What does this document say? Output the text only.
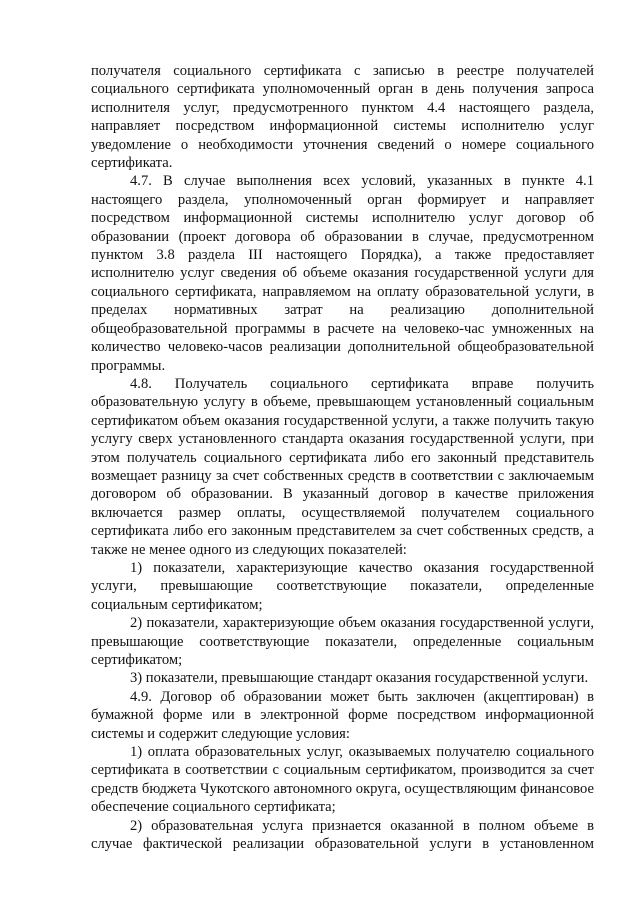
получателя социального сертификата с записью в реестре получателей социального сертификата уполномоченный орган в день получения запроса исполнителя услуг, предусмотренного пунктом 4.4 настоящего раздела, направляет посредством информационной системы исполнителю услуг уведомление о необходимости уточнения сведений о номере социального сертификата.

4.7. В случае выполнения всех условий, указанных в пункте 4.1 настоящего раздела, уполномоченный орган формирует и направляет посредством информационной системы исполнителю услуг договор об образовании (проект договора об образовании в случае, предусмотренном пунктом 3.8 раздела III настоящего Порядка), а также предоставляет исполнителю услуг сведения об объеме оказания государственной услуги для социального сертификата, направляемом на оплату образовательной услуги, в пределах нормативных затрат на реализацию дополнительной общеобразовательной программы в расчете на человеко-час умноженных на количество человеко-часов реализации дополнительной общеобразовательной программы.

4.8. Получатель социального сертификата вправе получить образовательную услугу в объеме, превышающем установленный социальным сертификатом объем оказания государственной услуги, а также получить такую услугу сверх установленного стандарта оказания государственной услуги, при этом получатель социального сертификата либо его законный представитель возмещает разницу за счет собственных средств в соответствии с заключаемым договором об образовании. В указанный договор в качестве приложения включается размер оплаты, осуществляемой получателем социального сертификата либо его законным представителем за счет собственных средств, а также не менее одного из следующих показателей:

1) показатели, характеризующие качество оказания государственной услуги, превышающие соответствующие показатели, определенные социальным сертификатом;

2) показатели, характеризующие объем оказания государственной услуги, превышающие соответствующие показатели, определенные социальным сертификатом;

3) показатели, превышающие стандарт оказания государственной услуги.

4.9. Договор об образовании может быть заключен (акцептирован) в бумажной форме или в электронной форме посредством информационной системы и содержит следующие условия:

1) оплата образовательных услуг, оказываемых получателю социального сертификата в соответствии с социальным сертификатом, производится за счет средств бюджета Чукотского автономного округа, осуществляющим финансовое обеспечение социального сертификата;

2) образовательная услуга признается оказанной в полном объеме в случае фактической реализации образовательной услуги в установленном
